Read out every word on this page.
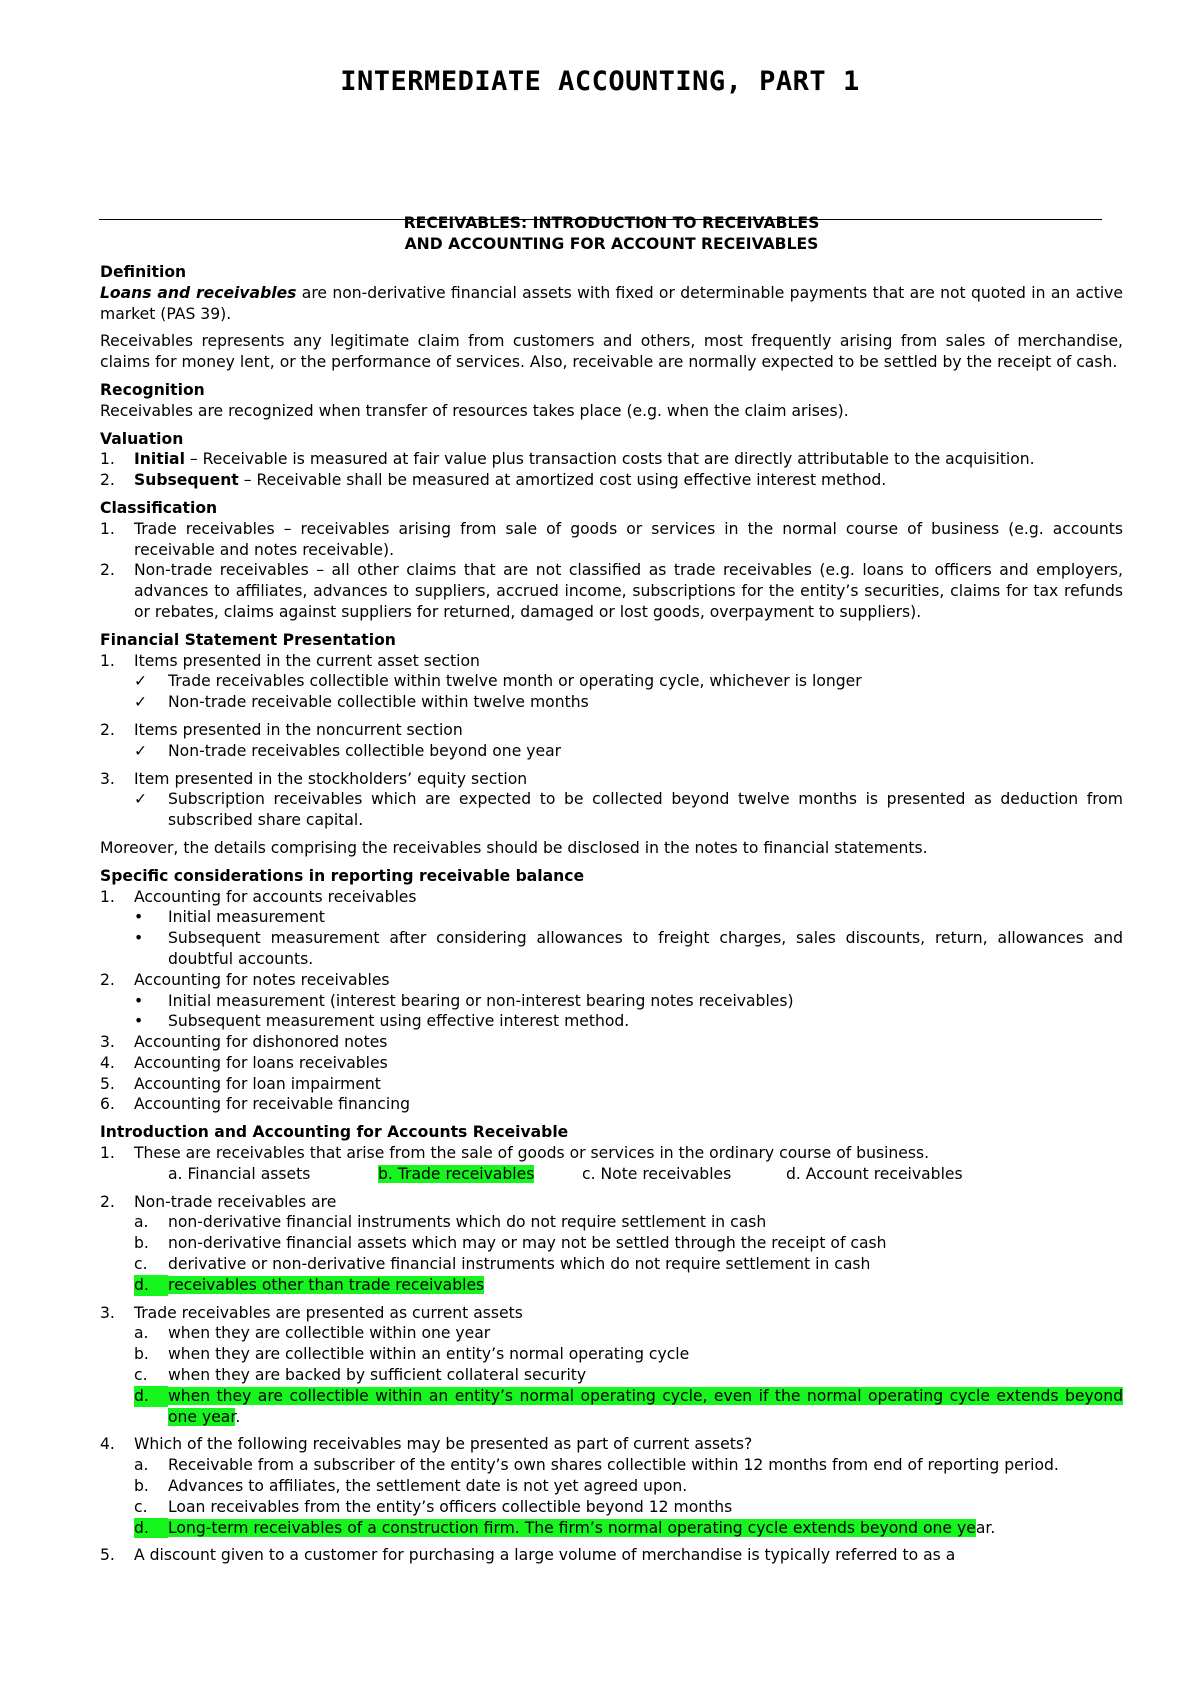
INTERMEDIATE ACCOUNTING, PART 1
RECEIVABLES: INTRODUCTION TO RECEIVABLES
AND ACCOUNTING FOR ACCOUNT RECEIVABLES
Definition
Loans and receivables are non-derivative financial assets with fixed or determinable payments that are not quoted in an active market (PAS 39).
Receivables represents any legitimate claim from customers and others, most frequently arising from sales of merchandise, claims for money lent, or the performance of services. Also, receivable are normally expected to be settled by the receipt of cash.
Recognition
Receivables are recognized when transfer of resources takes place (e.g. when the claim arises).
Valuation
1.	Initial – Receivable is measured at fair value plus transaction costs that are directly attributable to the acquisition.
2.	Subsequent – Receivable shall be measured at amortized cost using effective interest method.
Classification
1.	Trade receivables – receivables arising from sale of goods or services in the normal course of business (e.g. accounts receivable and notes receivable).
2.	Non-trade receivables – all other claims that are not classified as trade receivables (e.g. loans to officers and employers, advances to affiliates, advances to suppliers, accrued income, subscriptions for the entity’s securities, claims for tax refunds or rebates, claims against suppliers for returned, damaged or lost goods, overpayment to suppliers).
Financial Statement Presentation
1.	Items presented in the current asset section
✓	Trade receivables collectible within twelve month or operating cycle, whichever is longer
✓	Non-trade receivable collectible within twelve months
2.	Items presented in the noncurrent section
✓	Non-trade receivables collectible beyond one year
3.	Item presented in the stockholders’ equity section
✓	Subscription receivables which are expected to be collected beyond twelve months is presented as deduction from subscribed share capital.
Moreover, the details comprising the receivables should be disclosed in the notes to financial statements.
Specific considerations in reporting receivable balance
1.	Accounting for accounts receivables
•	Initial measurement
•	Subsequent measurement after considering allowances to freight charges, sales discounts, return, allowances and doubtful accounts.
2.	Accounting for notes receivables
•	Initial measurement (interest bearing or non-interest bearing notes receivables)
•	Subsequent measurement using effective interest method.
3.	Accounting for dishonored notes
4.	Accounting for loans receivables
5.	Accounting for loan impairment
6.	Accounting for receivable financing
Introduction and Accounting for Accounts Receivable
1.	These are receivables that arise from the sale of goods or services in the ordinary course of business.
a. Financial assets	b. Trade receivables	c. Note receivables	d. Account receivables
2.	Non-trade receivables are
a.	non-derivative financial instruments which do not require settlement in cash
b.	non-derivative financial assets which may or may not be settled through the receipt of cash
c.	derivative or non-derivative financial instruments which do not require settlement in cash
d.	receivables other than trade receivables
3.	Trade receivables are presented as current assets
a.	when they are collectible within one year
b.	when they are collectible within an entity’s normal operating cycle
c.	when they are backed by sufficient collateral security
d.	when they are collectible within an entity’s normal operating cycle, even if the normal operating cycle extends beyond one year.
4.	Which of the following receivables may be presented as part of current assets?
a.	Receivable from a subscriber of the entity’s own shares collectible within 12 months from end of reporting period.
b.	Advances to affiliates, the settlement date is not yet agreed upon.
c.	Loan receivables from the entity’s officers collectible beyond 12 months
d.	Long-term receivables of a construction firm. The firm’s normal operating cycle extends beyond one year.
5.	A discount given to a customer for purchasing a large volume of merchandise is typically referred to as a
